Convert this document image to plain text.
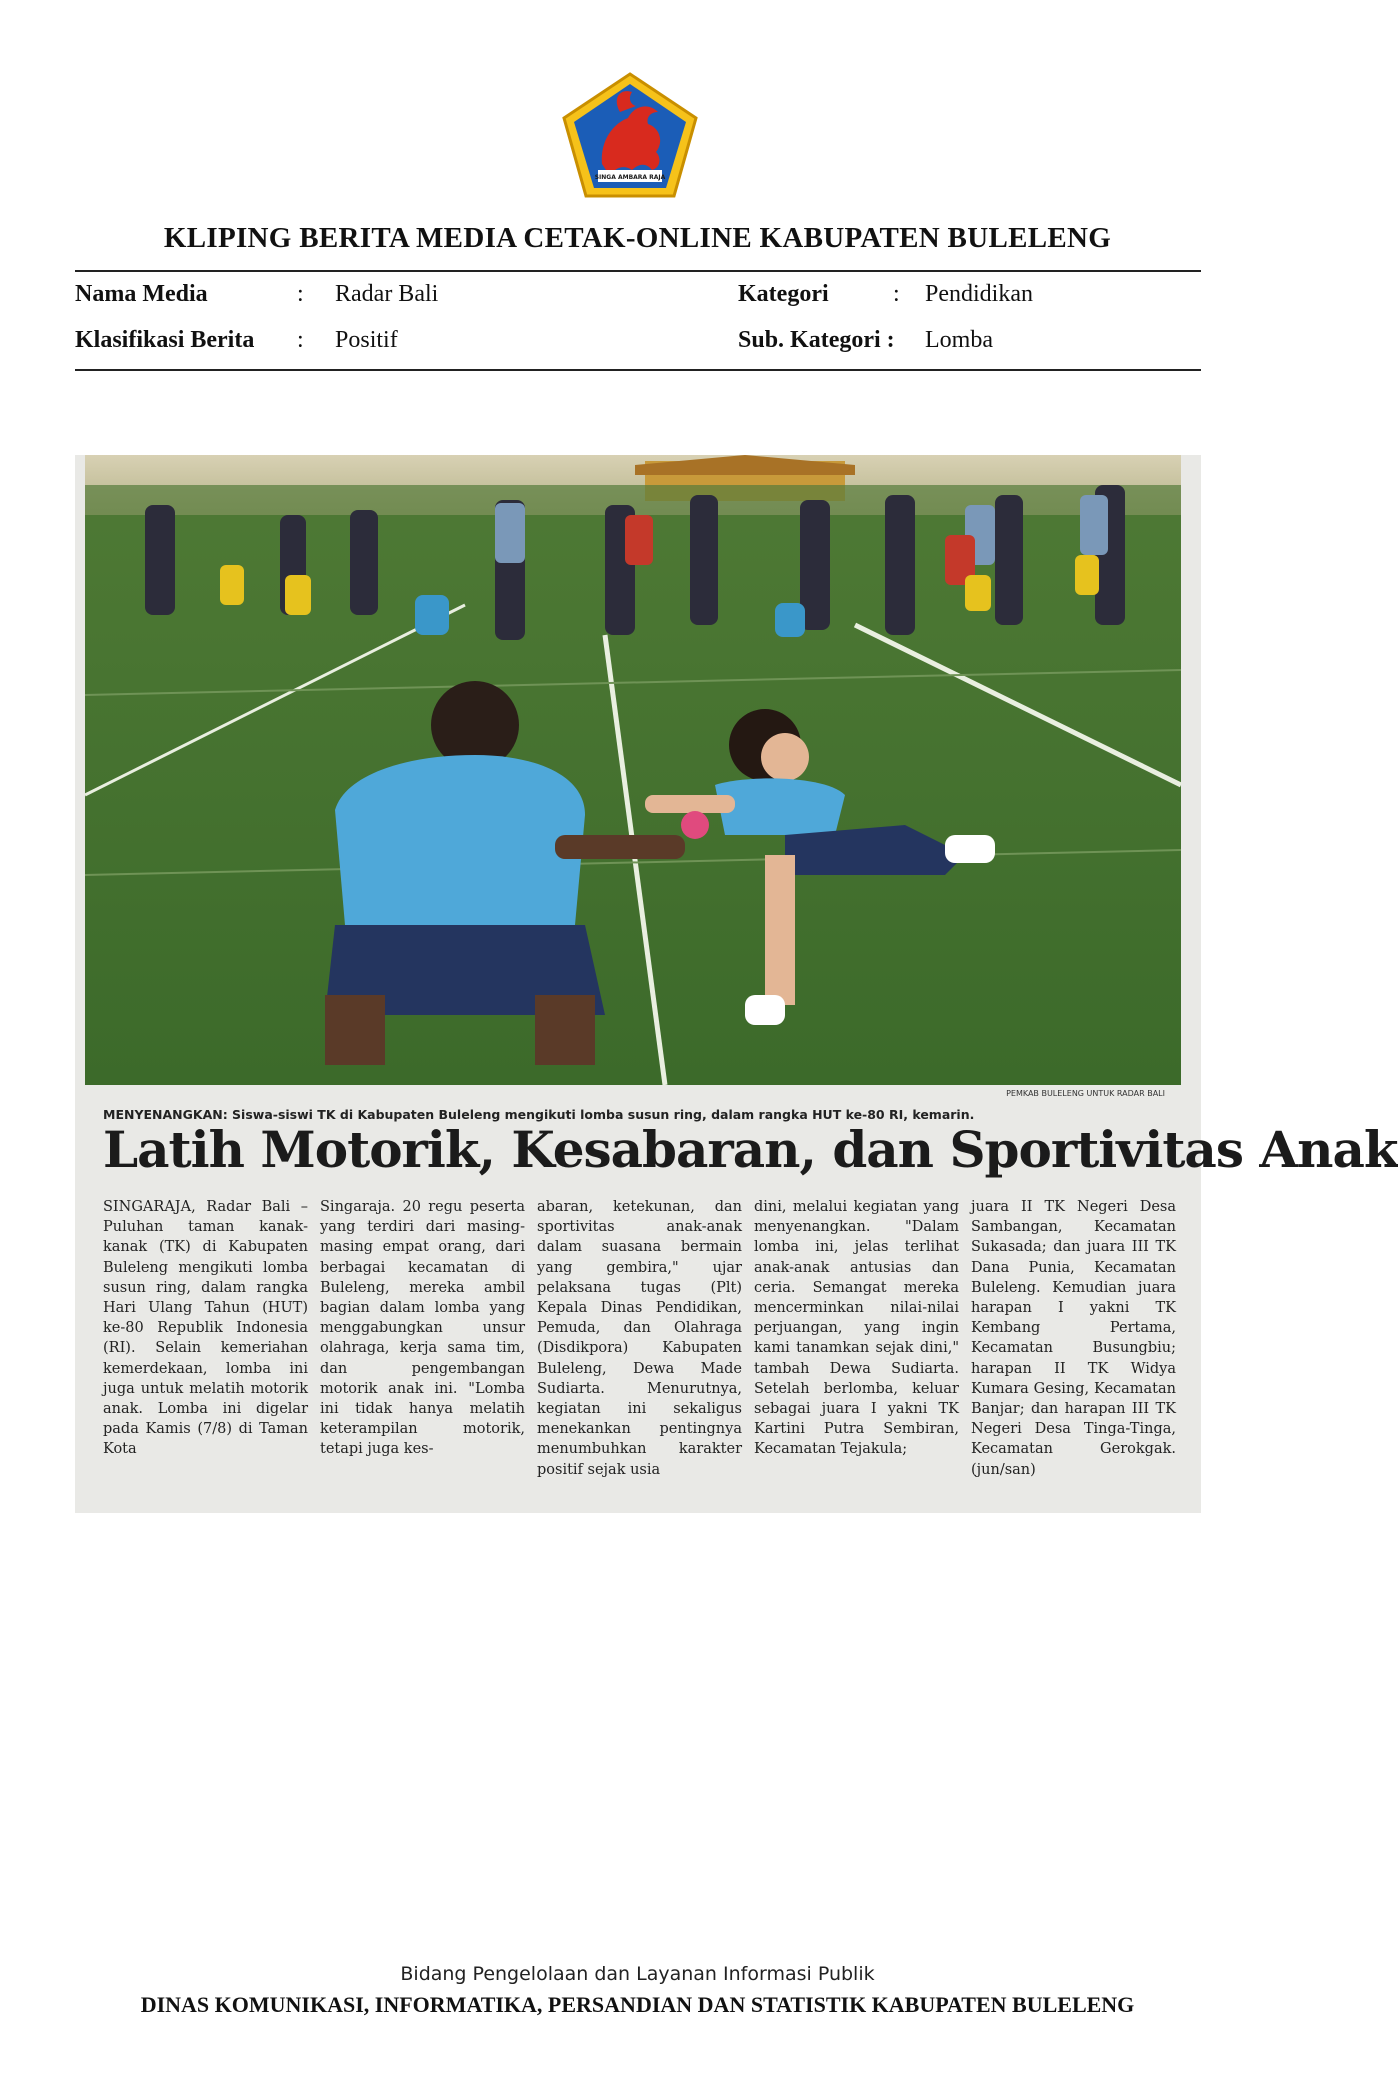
SINGA AMBARA RAJA
KLIPING BERITA MEDIA CETAK-ONLINE KABUPATEN BULELENG
Nama Media	: Radar Bali	Kategori	: Pendidikan
Klasifikasi Berita : Positif	Sub. Kategori : Lomba
PEMKAB BULELENG UNTUK RADAR BALI
MENYENANGKAN: Siswa-siswi TK di Kabupaten Buleleng mengikuti lomba susun ring, dalam rangka HUT ke-80 RI, kemarin.
Latih Motorik, Kesabaran, dan Sportivitas Anak
SINGARAJA, Radar Bali – Puluhan taman kanak-kanak (TK) di Kabupaten Buleleng mengikuti lomba susun ring, dalam rangka Hari Ulang Tahun (HUT) ke-80 Republik Indonesia (RI). Selain kemeriahan kemerdekaan, lomba ini juga untuk melatih motorik anak. Lomba ini digelar pada Kamis (7/8) di Taman Kota
Singaraja. 20 regu peserta yang terdiri dari masing-masing empat orang, dari berbagai kecamatan di Buleleng, mereka ambil bagian dalam lomba yang menggabungkan unsur olahraga, kerja sama tim, dan pengembangan motorik anak ini. "Lomba ini tidak hanya melatih keterampilan motorik, tetapi juga kes-
abaran, ketekunan, dan sportivitas anak-anak dalam suasana bermain yang gembira," ujar pelaksana tugas (Plt) Kepala Dinas Pendidikan, Pemuda, dan Olahraga (Disdikpora) Kabupaten Buleleng, Dewa Made Sudiarta. Menurutnya, kegiatan ini sekaligus menekankan pentingnya menumbuhkan karakter positif sejak usia
dini, melalui kegiatan yang menyenangkan. "Dalam lomba ini, jelas terlihat anak-anak antusias dan ceria. Semangat mereka mencerminkan nilai-nilai perjuangan, yang ingin kami tanamkan sejak dini," tambah Dewa Sudiarta. Setelah berlomba, keluar sebagai juara I yakni TK Kartini Putra Sembiran, Kecamatan Tejakula;
juara II TK Negeri Desa Sambangan, Kecamatan Sukasada; dan juara III TK Dana Punia, Kecamatan Buleleng. Kemudian juara harapan I yakni TK Kembang Pertama, Kecamatan Busungbiu; harapan II TK Widya Kumara Gesing, Kecamatan Banjar; dan harapan III TK Negeri Desa Tinga-Tinga, Kecamatan Gerokgak. (jun/san)
Bidang Pengelolaan dan Layanan Informasi Publik
DINAS KOMUNIKASI, INFORMATIKA, PERSANDIAN DAN STATISTIK KABUPATEN BULELENG
